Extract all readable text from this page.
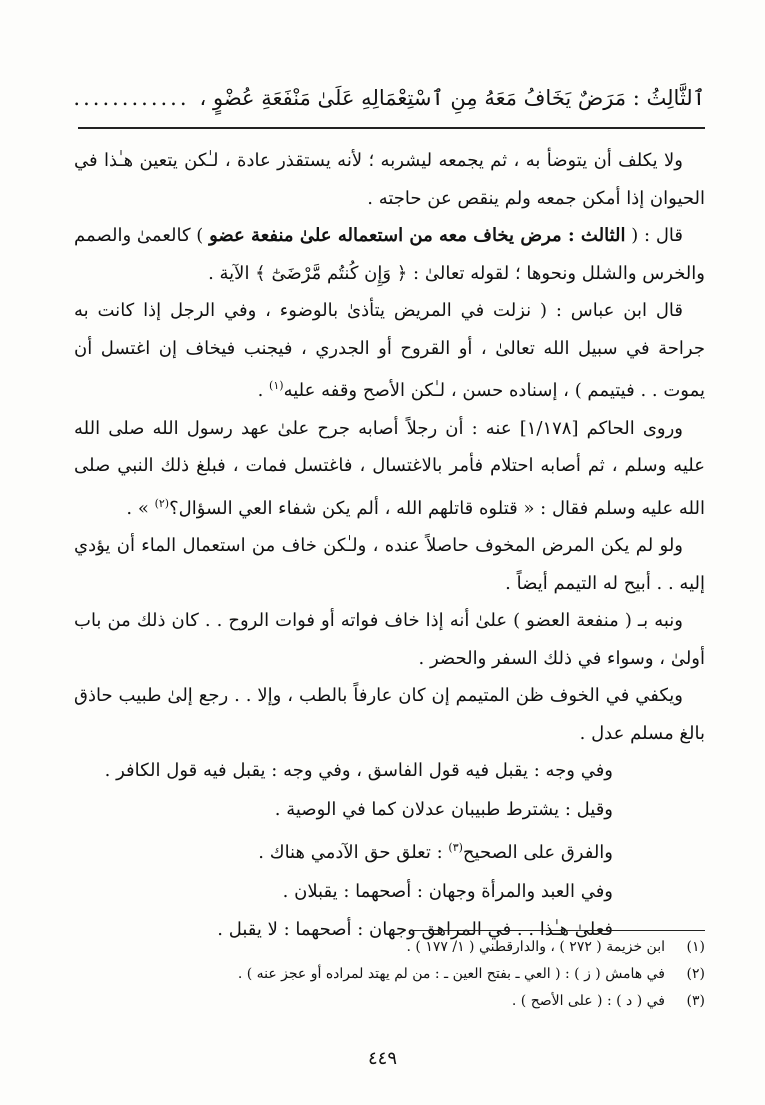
ٱلثَّالِثُ : مَرَضٌ يَخَافُ مَعَهُ مِنِ ٱسْتِعْمَالِهِ عَلَىٰ مَنْفَعَةِ عُضْوٍ ،
............

ولا يكلف أن يتوضأ به ، ثم يجمعه ليشربه ؛ لأنه يستقذر عادة ، لـٰكن يتعين هـٰذا في الحيوان إذا أمكن جمعه ولم ينقص عن حاجته .

قال : ( الثالث : مرض يخاف معه من استعماله علىٰ منفعة عضو ) كالعمىٰ والصمم والخرس والشلل ونحوها ؛ لقوله تعالىٰ : ﴿ وَإِن كُنتُم مَّرْضَىٰٓ ﴾ الآية .

قال ابن عباس : ( نزلت في المريض يتأذىٰ بالوضوء ، وفي الرجل إذا كانت به جراحة في سبيل الله تعالىٰ ، أو القروح أو الجدري ، فيجنب فيخاف إن اغتسل أن يموت . . فيتيمم ) ، إسناده حسن ، لـٰكن الأصح وقفه عليه$^{(١)}$ .

وروى الحاكم [١/١٧٨] عنه : أن رجلاً أصابه جرح علىٰ عهد رسول الله صلى الله عليه وسلم ، ثم أصابه احتلام فأمر بالاغتسال ، فاغتسل فمات ، فبلغ ذلك النبي صلى الله عليه وسلم فقال : « قتلوه قاتلهم الله ، ألم يكن شفاء العي السؤال؟$^{(٢)}$ » .

ولو لم يكن المرض المخوف حاصلاً عنده ، ولـٰكن خاف من استعمال الماء أن يؤدي إليه . . أبيح له التيمم أيضاً .

ونبه بـ ( منفعة العضو ) علىٰ أنه إذا خاف فواته أو فوات الروح . . كان ذلك من باب أولىٰ ، وسواء في ذلك السفر والحضر .

ويكفي في الخوف ظن المتيمم إن كان عارفاً بالطب ، وإلا . . رجع إلىٰ طبيب حاذق بالغ مسلم عدل .

وفي وجه : يقبل فيه قول الفاسق ، وفي وجه : يقبل فيه قول الكافر .

وقيل : يشترط طبيبان عدلان كما في الوصية .

والفرق على الصحيح$^{(٣)}$ : تعلق حق الآدمي هناك .

وفي العبد والمرأة وجهان : أصحهما : يقبلان .

فعلىٰ هـٰذا . . في المراهق وجهان : أصحهما : لا يقبل .

(١)
ابن خزيمة ( ٢٧٢ ) ، والدارقطني ( ١/ ١٧٧ ) .
(٢)
في هامش ( ز ) : ( العي ـ بفتح العين ـ : من لم يهتد لمراده أو عجز عنه ) .
(٣)
في ( د ) : ( على الأصح ) .
٤٤٩
